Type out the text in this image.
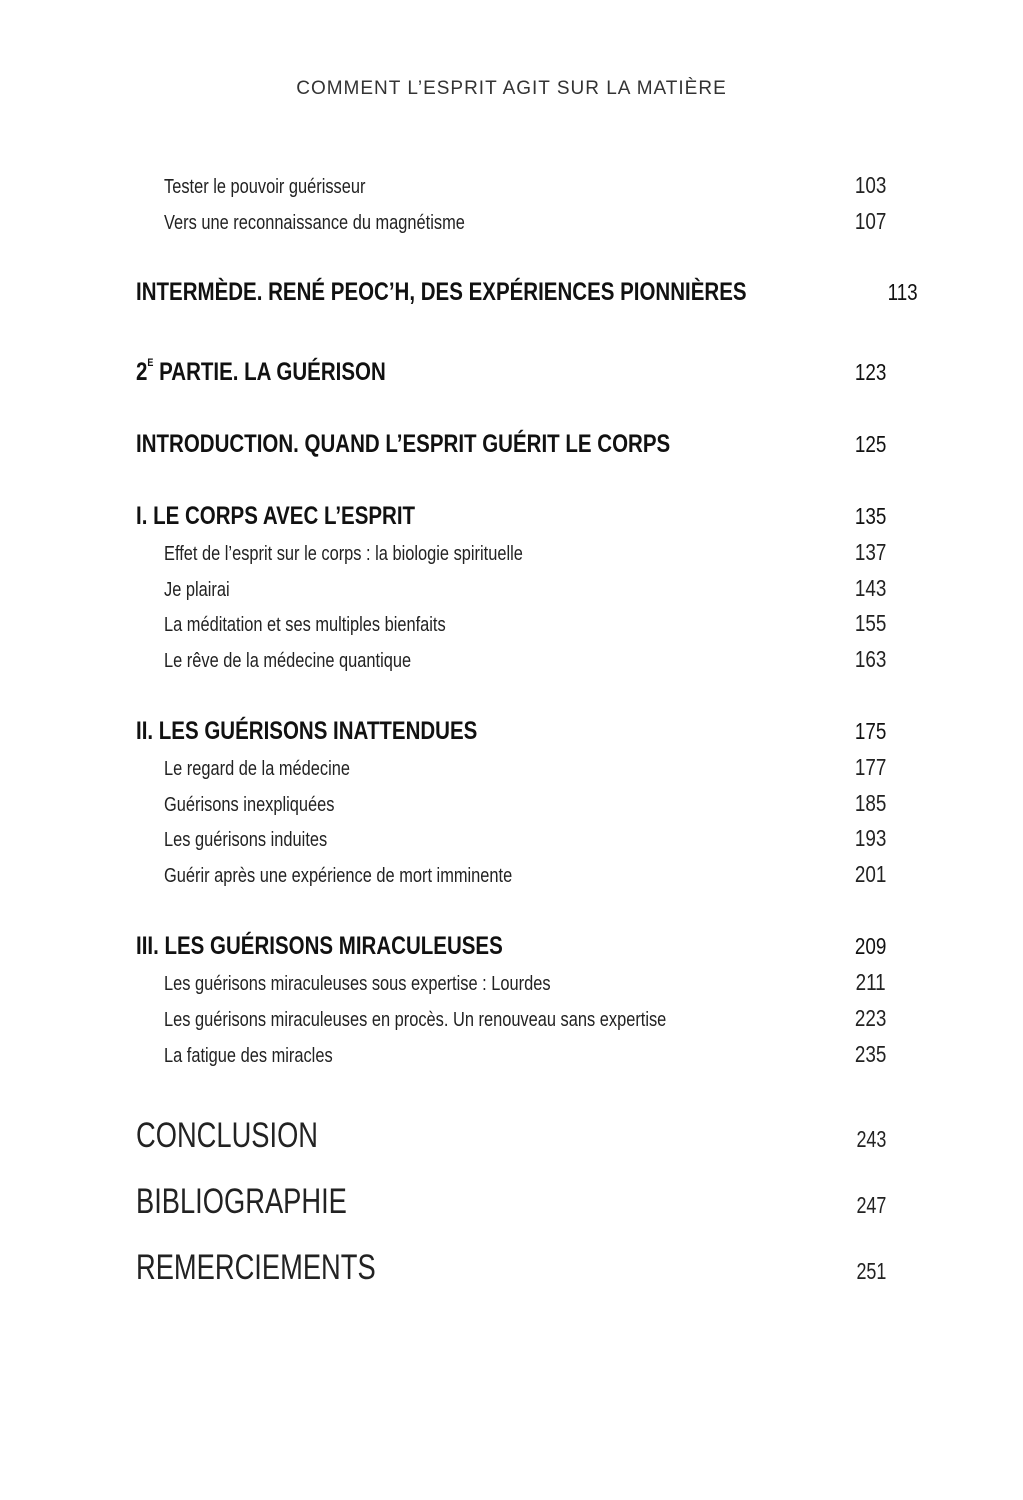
COMMENT L’ESPRIT AGIT SUR LA MATIÈRE
Tester le pouvoir guérisseur	103
Vers une reconnaissance du magnétisme	107
INTERMÈDE. RENÉ PEOC’H, DES EXPÉRIENCES PIONNIÈRES	113
$2^E$ PARTIE. LA GUÉRISON	123
INTRODUCTION. QUAND L’ESPRIT GUÉRIT LE CORPS	125
I. LE CORPS AVEC L’ESPRIT	135
Effet de l’esprit sur le corps : la biologie spirituelle	137
Je plairai	143
La méditation et ses multiples bienfaits	155
Le rêve de la médecine quantique	163
II. LES GUÉRISONS INATTENDUES	175
Le regard de la médecine	177
Guérisons inexpliquées	185
Les guérisons induites	193
Guérir après une expérience de mort imminente	201
III. LES GUÉRISONS MIRACULEUSES	209
Les guérisons miraculeuses sous expertise : Lourdes	211
Les guérisons miraculeuses en procès. Un renouveau sans expertise	223
La fatigue des miracles	235
CONCLUSION	243
BIBLIOGRAPHIE	247
REMERCIEMENTS	251
